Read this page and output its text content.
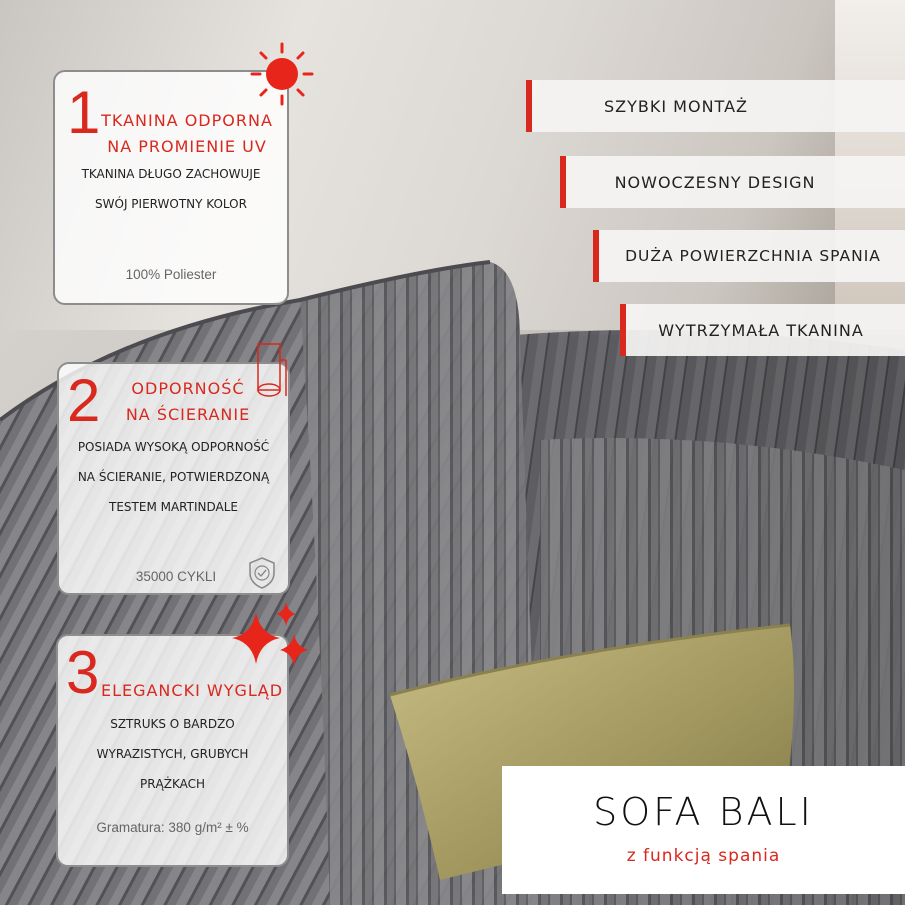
1 TKANINA ODPORNA
NA PROMIENIE UV
TKANINA DŁUGO ZACHOWUJE
SWÓJ PIERWOTNY KOLOR
100% Poliester
2	ODPORNOŚĆ
NA ŚCIERANIE
POSIADA WYSOKĄ ODPORNOŚĆ
NA ŚCIERANIE, POTWIERDZONĄ
TESTEM MARTINDALE
35000 CYKLI
3 ELEGANCKI WYGLĄD
SZTRUKS O BARDZO
WYRAZISTYCH, GRUBYCH
PRĄŻKACH
Gramatura: 380 g/m² ± %
SZYBKI MONTAŻ
NOWOCZESNY DESIGN
DUŻA POWIERZCHNIA SPANIA
WYTRZYMAŁA TKANINA
SOFA BALI
z funkcją spania
